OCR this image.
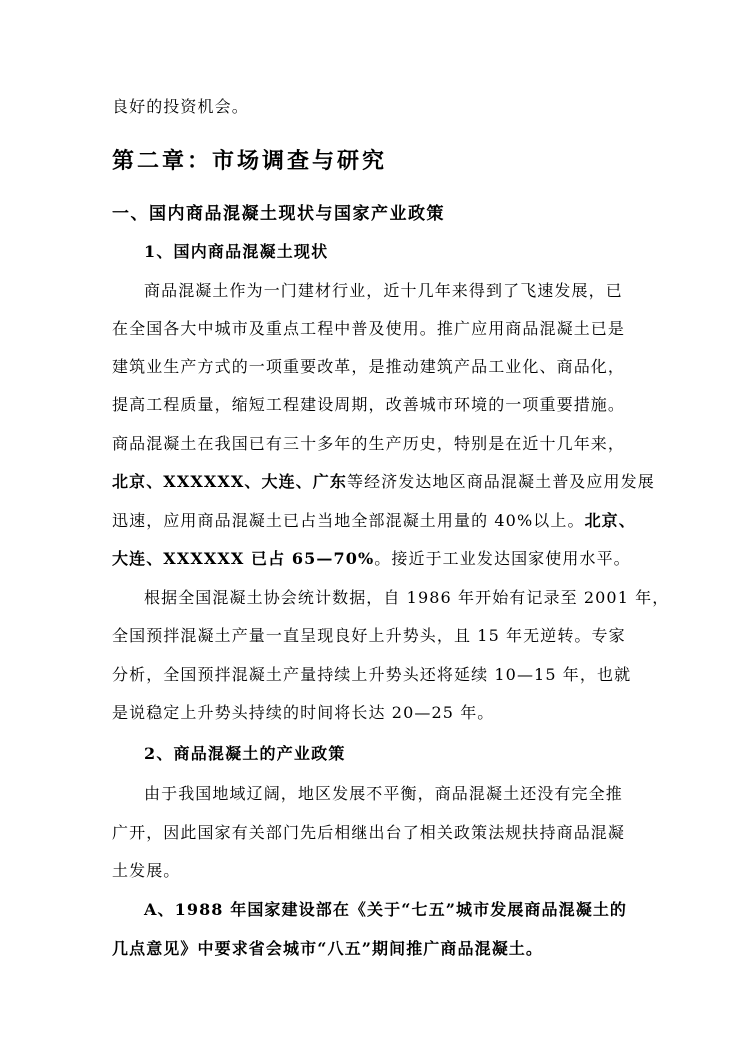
良好的投资机会。
第二章：市场调查与研究
一、国内商品混凝土现状与国家产业政策
1、国内商品混凝土现状
商品混凝土作为一门建材行业，近十几年来得到了飞速发展，已
在全国各大中城市及重点工程中普及使用。推广应用商品混凝土已是
建筑业生产方式的一项重要改革，是推动建筑产品工业化、商品化，
提高工程质量，缩短工程建设周期，改善城市环境的一项重要措施。
商品混凝土在我国已有三十多年的生产历史，特别是在近十几年来，
北京、XXXXXX、大连、广东等经济发达地区商品混凝土普及应用发展
迅速，应用商品混凝土已占当地全部混凝土用量的 40%以上。北京、
大连、XXXXXX 已占 65—70%。接近于工业发达国家使用水平。
根据全国混凝土协会统计数据，自 1986 年开始有记录至 2001 年，
全国预拌混凝土产量一直呈现良好上升势头，且 15 年无逆转。专家
分析，全国预拌混凝土产量持续上升势头还将延续 10—15 年，也就
是说稳定上升势头持续的时间将长达 20—25 年。
2、商品混凝土的产业政策
由于我国地域辽阔，地区发展不平衡，商品混凝土还没有完全推
广开，因此国家有关部门先后相继出台了相关政策法规扶持商品混凝
土发展。
A、1988 年国家建设部在《关于“七五”城市发展商品混凝土的
几点意见》中要求省会城市“八五”期间推广商品混凝土。
